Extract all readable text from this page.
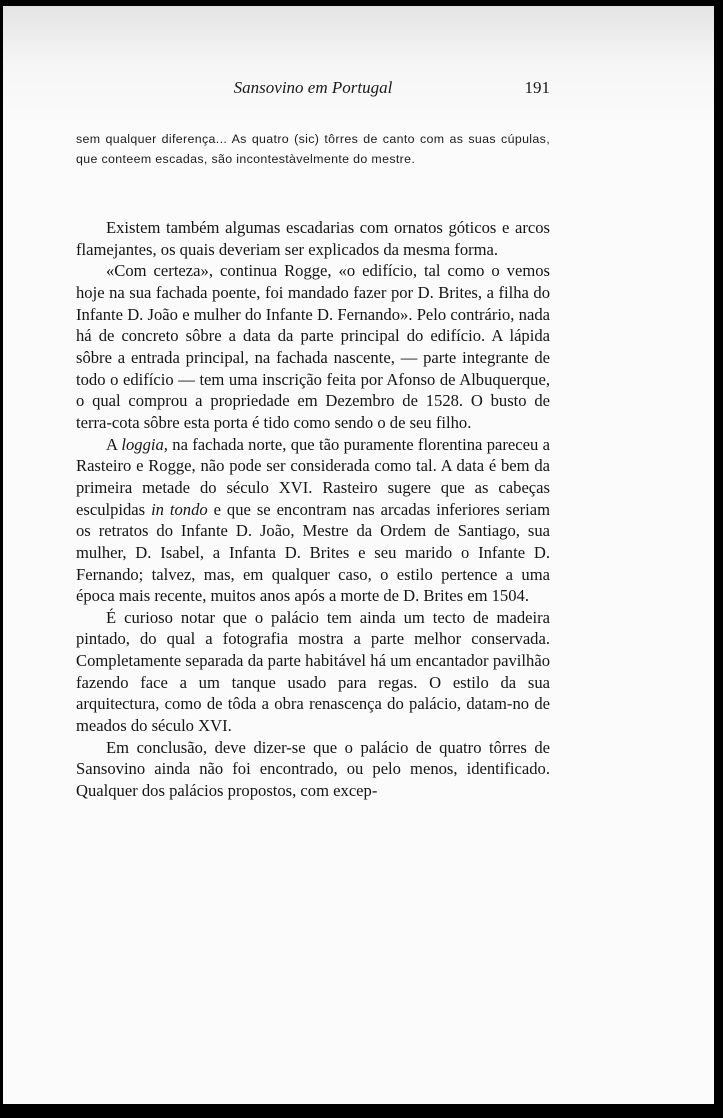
Sansovino em Portugal	191

sem qualquer diferença... As quatro (sic) tôrres de canto com as suas cúpulas, que conteem escadas, são incontestàvelmente do mestre.

Existem também algumas escadarias com ornatos góticos e arcos flamejantes, os quais deveriam ser explicados da mesma forma.

«Com certeza», continua Rogge, «o edifício, tal como o vemos hoje na sua fachada poente, foi mandado fazer por D. Brites, a filha do Infante D. João e mulher do Infante D. Fernando». Pelo contrário, nada há de concreto sôbre a data da parte principal do edifício. A lápida sôbre a entrada principal, na fachada nascente, — parte integrante de todo o edifício — tem uma inscrição feita por Afonso de Albuquerque, o qual comprou a propriedade em Dezembro de 1528. O busto de terra-cota sôbre esta porta é tido como sendo o de seu filho.

A loggia, na fachada norte, que tão puramente florentina pareceu a Rasteiro e Rogge, não pode ser considerada como tal. A data é bem da primeira metade do século XVI. Rasteiro sugere que as cabeças esculpidas in tondo e que se encontram nas arcadas inferiores seriam os retratos do Infante D. João, Mestre da Ordem de Santiago, sua mulher, D. Isabel, a Infanta D. Brites e seu marido o Infante D. Fernando; talvez, mas, em qualquer caso, o estilo pertence a uma época mais recente, muitos anos após a morte de D. Brites em 1504.

É curioso notar que o palácio tem ainda um tecto de madeira pintado, do qual a fotografia mostra a parte melhor conservada. Completamente separada da parte habitável há um encantador pavilhão fazendo face a um tanque usado para regas. O estilo da sua arquitectura, como de tôda a obra renascença do palácio, datam-no de meados do século XVI.

Em conclusão, deve dizer-se que o palácio de quatro tôrres de Sansovino ainda não foi encontrado, ou pelo menos, identificado. Qualquer dos palácios propostos, com excep-
